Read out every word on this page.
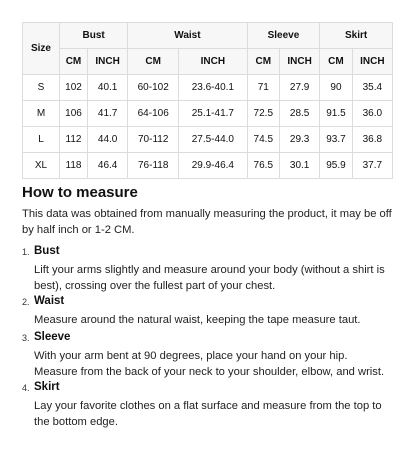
Size	Bust		Waist		Sleeve		Skirt	
	CM	INCH	CM	INCH	CM	INCH	CM	INCH
S	102	40.1	60-102	23.6-40.1	71	27.9	90	35.4
M	106	41.7	64-106	25.1-41.7	72.5	28.5	91.5	36.0
L	112	44.0	70-112	27.5-44.0	74.5	29.3	93.7	36.8
XL	118	46.4	76-118	29.9-46.4	76.5	30.1	95.9	37.7
How to measure

This data was obtained from manually measuring the product, it may be off by half inch or 1-2 CM.

1. Bust

Lift your arms slightly and measure around your body (without a shirt is best), crossing over the fullest part of your chest.

2. Waist

Measure around the natural waist, keeping the tape measure taut.

3. Sleeve

With your arm bent at 90 degrees, place your hand on your hip. Measure from the back of your neck to your shoulder, elbow, and wrist.

4. Skirt

Lay your favorite clothes on a flat surface and measure from the top to the bottom edge.
